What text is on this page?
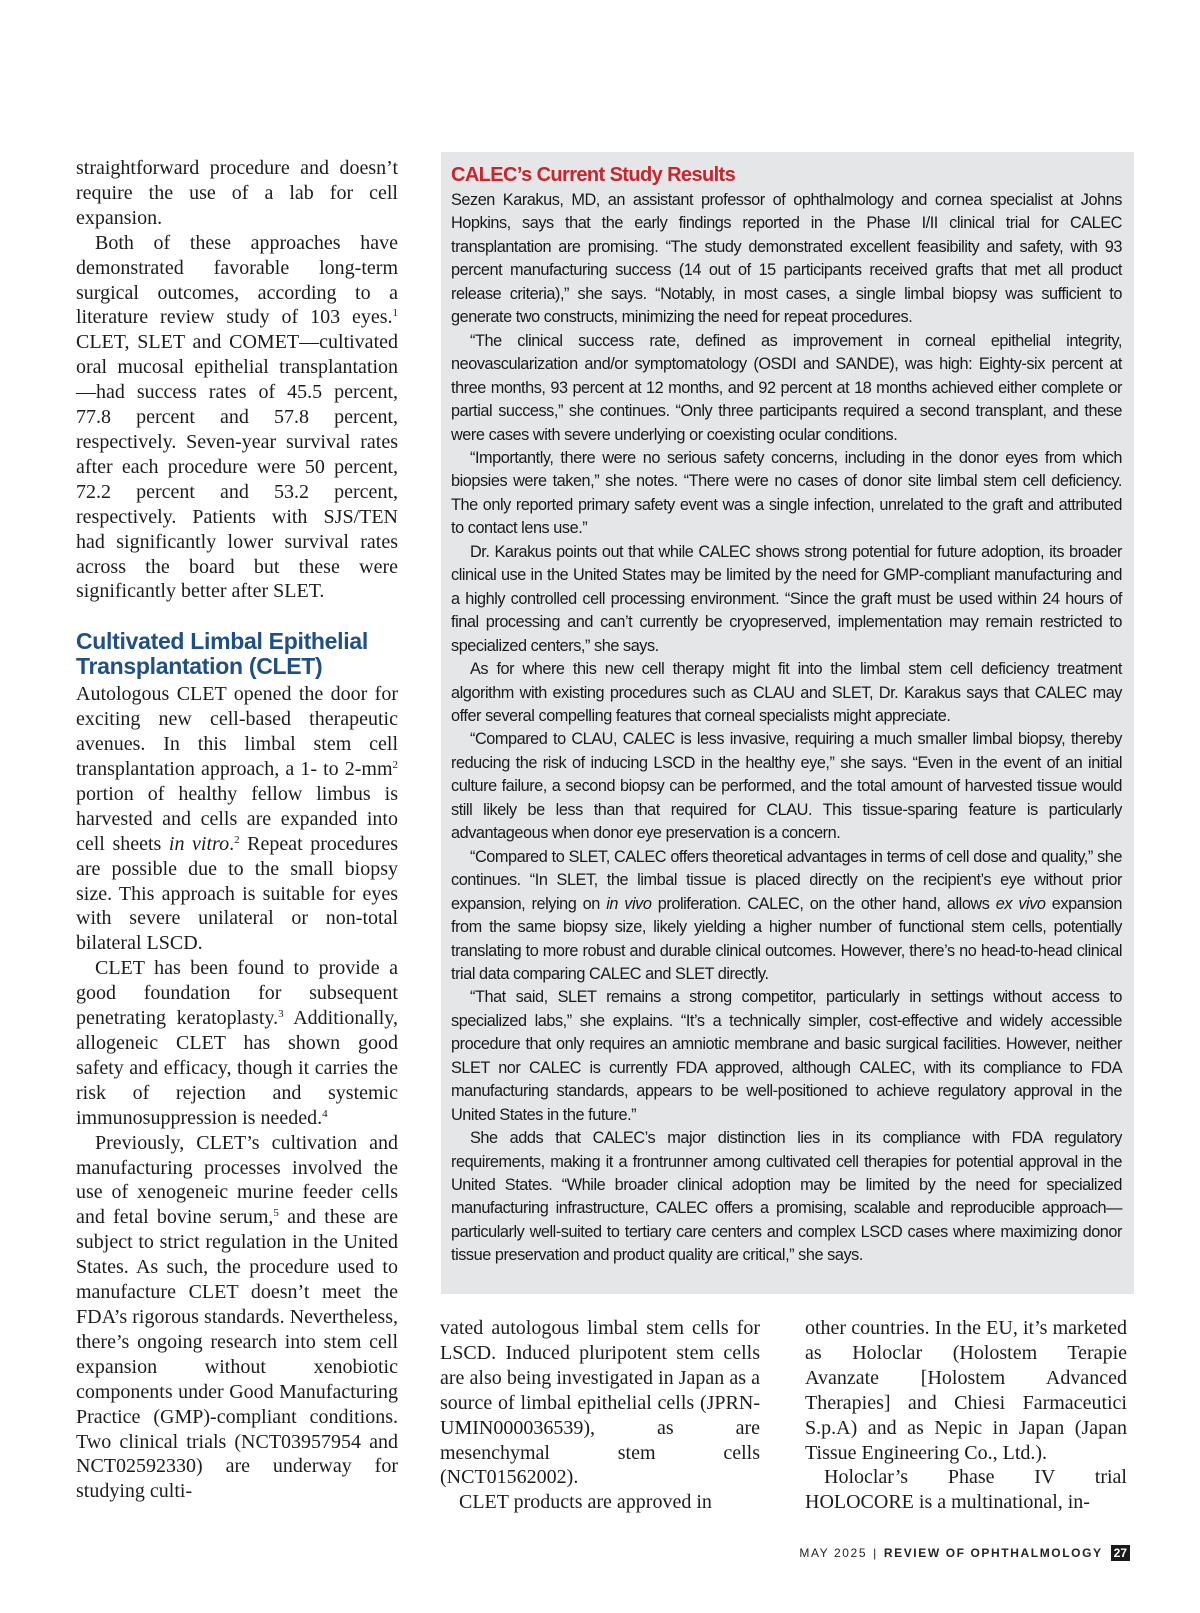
straightforward procedure and doesn’t require the use of a lab for cell expansion.

Both of these approaches have demonstrated favorable long-term surgical outcomes, according to a literature review study of 103 eyes.$^1$ CLET, SLET and COMET—cultivated oral mucosal epithelial transplantation—had success rates of 45.5 percent, 77.8 percent and 57.8 percent, respectively. Seven-year survival rates after each procedure were 50 percent, 72.2 percent and 53.2 percent, respectively. Patients with SJS/TEN had significantly lower survival rates across the board but these were significantly better after SLET.

Cultivated Limbal Epithelial Transplantation (CLET)

Autologous CLET opened the door for exciting new cell-based therapeutic avenues. In this limbal stem cell transplantation approach, a 1- to $2-mm^2$ portion of healthy fellow limbus is harvested and cells are expanded into cell sheets in vitro.$^2$ Repeat procedures are possible due to the small biopsy size. This approach is suitable for eyes with severe unilateral or non-total bilateral LSCD.

CLET has been found to provide a good foundation for subsequent penetrating keratoplasty.$^3$ Additionally, allogeneic CLET has shown good safety and efficacy, though it carries the risk of rejection and systemic immunosuppression is needed.$^4$

Previously, CLET’s cultivation and manufacturing processes involved the use of xenogeneic murine feeder cells and fetal bovine serum,$^5$ and these are subject to strict regulation in the United States. As such, the procedure used to manufacture CLET doesn’t meet the FDA’s rigorous standards. Nevertheless, there’s ongoing research into stem cell expansion without xenobiotic components under Good Manufacturing Practice (GMP)-compliant conditions. Two clinical trials (NCT03957954 and NCT02592330) are underway for studying culti-

CALEC’s Current Study Results

Sezen Karakus, MD, an assistant professor of ophthalmology and cornea specialist at Johns Hopkins, says that the early findings reported in the Phase I/II clinical trial for CALEC transplantation are promising. “The study demonstrated excellent feasibility and safety, with 93 percent manufacturing success (14 out of 15 participants received grafts that met all product release criteria),” she says. “Notably, in most cases, a single limbal biopsy was sufficient to generate two constructs, minimizing the need for repeat procedures.

“The clinical success rate, defined as improvement in corneal epithelial integrity, neovascularization and/or symptomatology (OSDI and SANDE), was high: Eighty-six percent at three months, 93 percent at 12 months, and 92 percent at 18 months achieved either complete or partial success,” she continues. “Only three participants required a second transplant, and these were cases with severe underlying or coexisting ocular conditions.

“Importantly, there were no serious safety concerns, including in the donor eyes from which biopsies were taken,” she notes. “There were no cases of donor site limbal stem cell deficiency. The only reported primary safety event was a single infection, unrelated to the graft and attributed to contact lens use.”

Dr. Karakus points out that while CALEC shows strong potential for future adoption, its broader clinical use in the United States may be limited by the need for GMP-compliant manufacturing and a highly controlled cell processing environment. “Since the graft must be used within 24 hours of final processing and can’t currently be cryopreserved, implementation may remain restricted to specialized centers,” she says.

As for where this new cell therapy might fit into the limbal stem cell deficiency treatment algorithm with existing procedures such as CLAU and SLET, Dr. Karakus says that CALEC may offer several compelling features that corneal specialists might appreciate.

“Compared to CLAU, CALEC is less invasive, requiring a much smaller limbal biopsy, thereby reducing the risk of inducing LSCD in the healthy eye,” she says. “Even in the event of an initial culture failure, a second biopsy can be performed, and the total amount of harvested tissue would still likely be less than that required for CLAU. This tissue-sparing feature is particularly advantageous when donor eye preservation is a concern.

“Compared to SLET, CALEC offers theoretical advantages in terms of cell dose and quality,” she continues. “In SLET, the limbal tissue is placed directly on the recipient’s eye without prior expansion, relying on in vivo proliferation. CALEC, on the other hand, allows ex vivo expansion from the same biopsy size, likely yielding a higher number of functional stem cells, potentially translating to more robust and durable clinical outcomes. However, there’s no head-to-head clinical trial data comparing CALEC and SLET directly.

“That said, SLET remains a strong competitor, particularly in settings without access to specialized labs,” she explains. “It’s a technically simpler, cost-effective and widely accessible procedure that only requires an amniotic membrane and basic surgical facilities. However, neither SLET nor CALEC is currently FDA approved, although CALEC, with its compliance to FDA manufacturing standards, appears to be well-positioned to achieve regulatory approval in the United States in the future.”

She adds that CALEC’s major distinction lies in its compliance with FDA regulatory requirements, making it a frontrunner among cultivated cell therapies for potential approval in the United States. “While broader clinical adoption may be limited by the need for specialized manufacturing infrastructure, CALEC offers a promising, scalable and reproducible approach—particularly well-suited to tertiary care centers and complex LSCD cases where maximizing donor tissue preservation and product quality are critical,” she says.

vated autologous limbal stem cells for LSCD. Induced pluripotent stem cells are also being investigated in Japan as a source of limbal epithelial cells (JPRN-UMIN000036539), as are mesenchymal stem cells (NCT01562002).

CLET products are approved in

other countries. In the EU, it’s marketed as Holoclar (Holostem Terapie Avanzate [Holostem Advanced Therapies] and Chiesi Farmaceutici S.p.A) and as Nepic in Japan (Japan Tissue Engineering Co., Ltd.).

Holoclar’s Phase IV trial HOLOCORE is a multinational, in-

MAY 2025 | REVIEW OF OPHTHALMOLOGY 27
